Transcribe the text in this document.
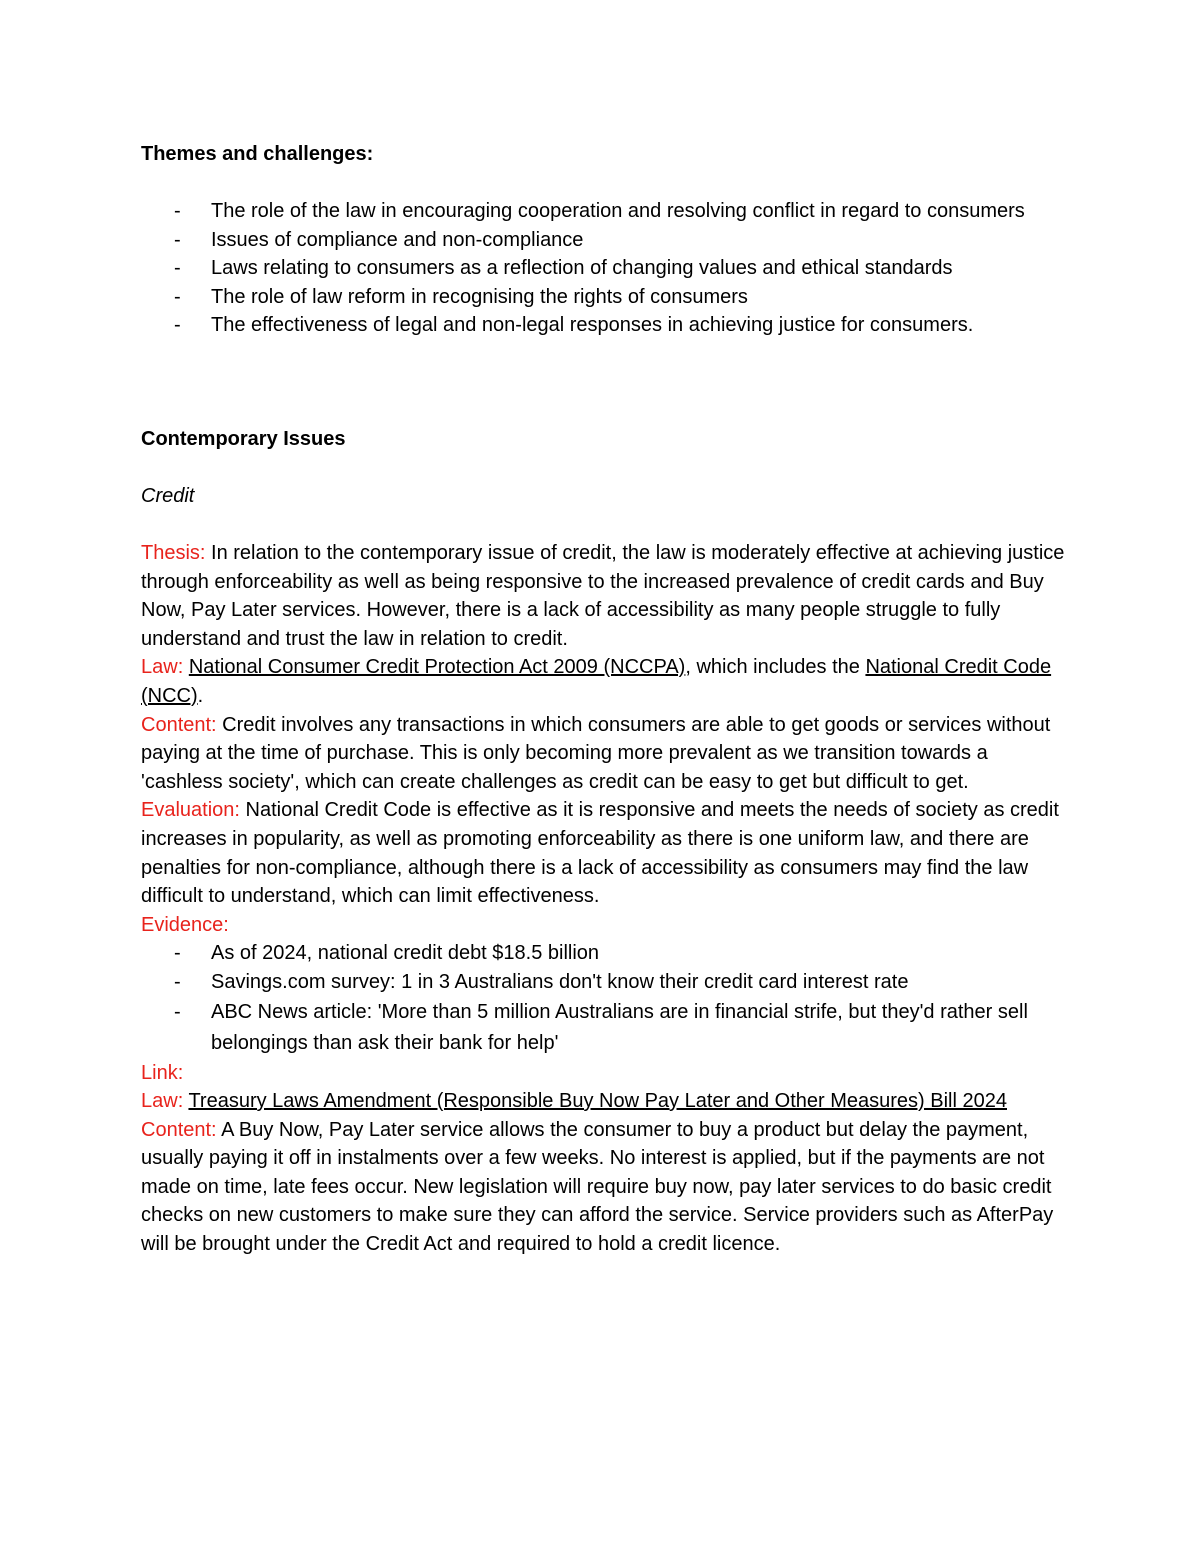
Themes and challenges:

- The role of the law in encouraging cooperation and resolving conflict in regard to consumers
- Issues of compliance and non-compliance
- Laws relating to consumers as a reflection of changing values and ethical standards
- The role of law reform in recognising the rights of consumers
- The effectiveness of legal and non-legal responses in achieving justice for consumers.

Contemporary Issues

Credit

Thesis: In relation to the contemporary issue of credit, the law is moderately effective at achieving justice through enforceability as well as being responsive to the increased prevalence of credit cards and Buy Now, Pay Later services. However, there is a lack of accessibility as many people struggle to fully understand and trust the law in relation to credit.

Law: National Consumer Credit Protection Act 2009 (NCCPA), which includes the National Credit Code (NCC).

Content: Credit involves any transactions in which consumers are able to get goods or services without paying at the time of purchase. This is only becoming more prevalent as we transition towards a 'cashless society', which can create challenges as credit can be easy to get but difficult to get.

Evaluation: National Credit Code is effective as it is responsive and meets the needs of society as credit increases in popularity, as well as promoting enforceability as there is one uniform law, and there are penalties for non-compliance, although there is a lack of accessibility as consumers may find the law difficult to understand, which can limit effectiveness.

Evidence:

- As of 2024, national credit debt $18.5 billion
- Savings.com survey: 1 in 3 Australians don't know their credit card interest rate
- ABC News article: 'More than 5 million Australians are in financial strife, but they'd rather sell belongings than ask their bank for help'

Link:

Law: Treasury Laws Amendment (Responsible Buy Now Pay Later and Other Measures) Bill 2024

Content: A Buy Now, Pay Later service allows the consumer to buy a product but delay the payment, usually paying it off in instalments over a few weeks. No interest is applied, but if the payments are not made on time, late fees occur. New legislation will require buy now, pay later services to do basic credit checks on new customers to make sure they can afford the service. Service providers such as AfterPay will be brought under the Credit Act and required to hold a credit licence.
